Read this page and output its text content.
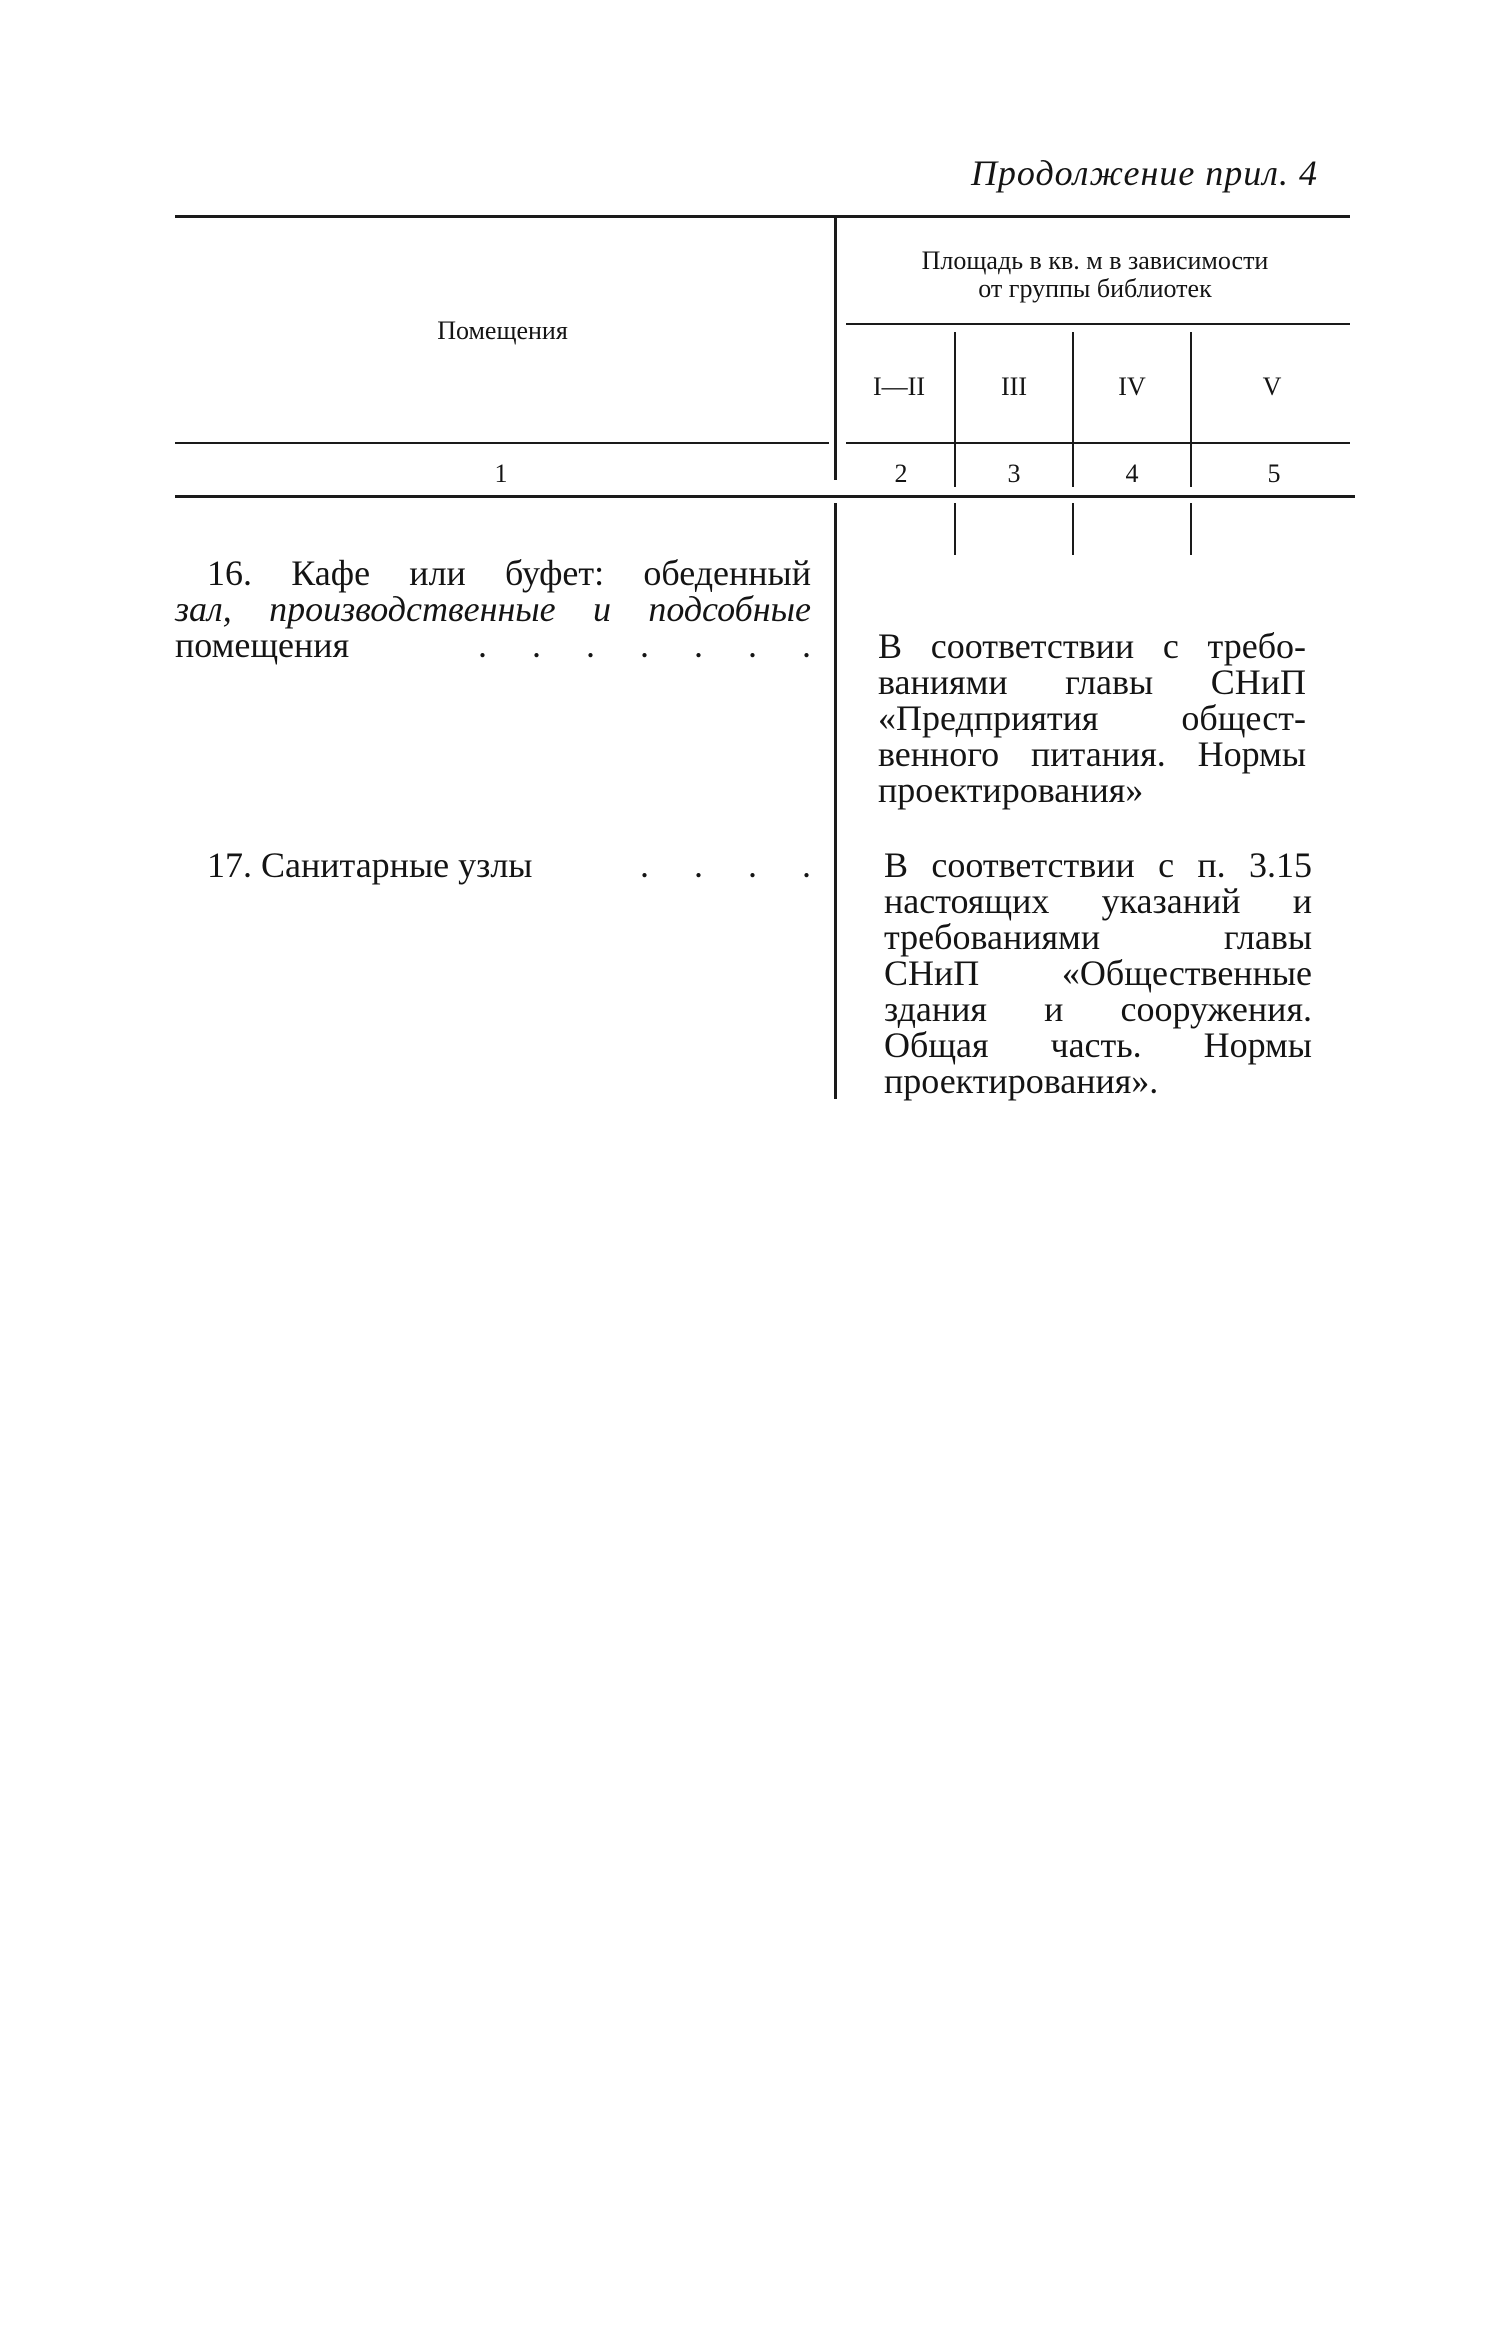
Продолжение прил. 4
Помещения
Площадь в кв. м в зависимости
от группы библиотек
I—II	III	IV	V
1	2	3	4	5
16. Кафе или буфет: обеденный
зал, производственные и подсобные
помещения	. . . . . . . В соответствии с требо-
ваниями главы СНиП
«Предприятия общест-
венного питания. Нормы
проектирования»
17. Санитарные узлы	. . . . В соответствии с п. 3.15
настоящих указаний и
требованиями главы
СНиП «Общественные
здания и сооружения.
Общая часть. Нормы
проектирования».
